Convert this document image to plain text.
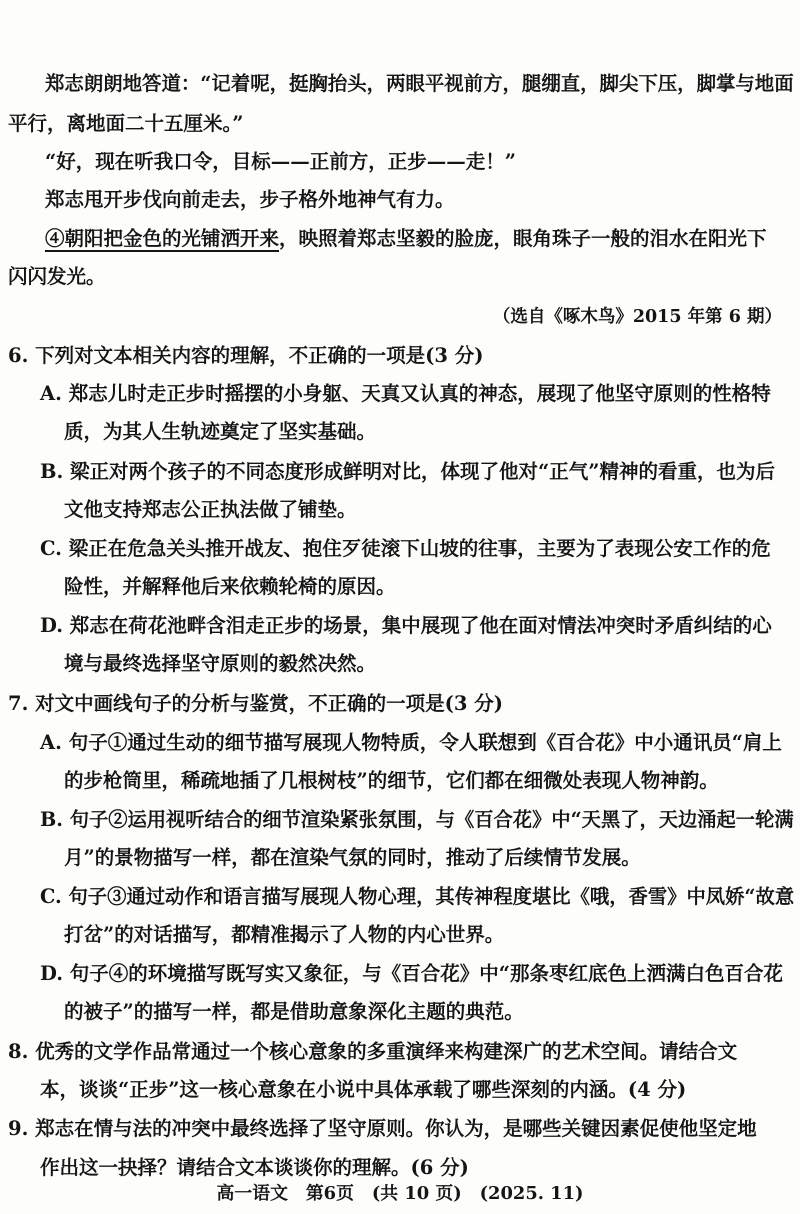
郑志朗朗地答道：“记着呢，挺胸抬头，两眼平视前方，腿绷直，脚尖下压，脚掌与地面
平行，离地面二十五厘米。”
“好，现在听我口令，目标——正前方，正步——走！”
郑志甩开步伐向前走去，步子格外地神气有力。
④朝阳把金色的光铺洒开来，映照着郑志坚毅的脸庞，眼角珠子一般的泪水在阳光下
闪闪发光。
（选自《啄木鸟》2015 年第 6 期）
6. 下列对文本相关内容的理解，不正确的一项是(3 分)
A. 郑志儿时走正步时摇摆的小身躯、天真又认真的神态，展现了他坚守原则的性格特
质，为其人生轨迹奠定了坚实基础。
B. 梁正对两个孩子的不同态度形成鲜明对比，体现了他对“正气”精神的看重，也为后
文他支持郑志公正执法做了铺垫。
C. 梁正在危急关头推开战友、抱住歹徒滚下山坡的往事，主要为了表现公安工作的危
险性，并解释他后来依赖轮椅的原因。
D. 郑志在荷花池畔含泪走正步的场景，集中展现了他在面对情法冲突时矛盾纠结的心
境与最终选择坚守原则的毅然决然。
7. 对文中画线句子的分析与鉴赏，不正确的一项是(3 分)
A. 句子①通过生动的细节描写展现人物特质，令人联想到《百合花》中小通讯员“肩上
的步枪筒里，稀疏地插了几根树枝”的细节，它们都在细微处表现人物神韵。
B. 句子②运用视听结合的细节渲染紧张氛围，与《百合花》中“天黑了，天边涌起一轮满
月”的景物描写一样，都在渲染气氛的同时，推动了后续情节发展。
C. 句子③通过动作和语言描写展现人物心理，其传神程度堪比《哦，香雪》中凤娇“故意
打岔”的对话描写，都精准揭示了人物的内心世界。
D. 句子④的环境描写既写实又象征，与《百合花》中“那条枣红底色上洒满白色百合花
的被子”的描写一样，都是借助意象深化主题的典范。
8. 优秀的文学作品常通过一个核心意象的多重演绎来构建深广的艺术空间。请结合文
本，谈谈“正步”这一核心意象在小说中具体承载了哪些深刻的内涵。(4 分)
9. 郑志在情与法的冲突中最终选择了坚守原则。你认为，是哪些关键因素促使他坚定地
作出这一抉择？请结合文本谈谈你的理解。(6 分)
高一语文　第6页　(共 10 页)　(2025. 11)
